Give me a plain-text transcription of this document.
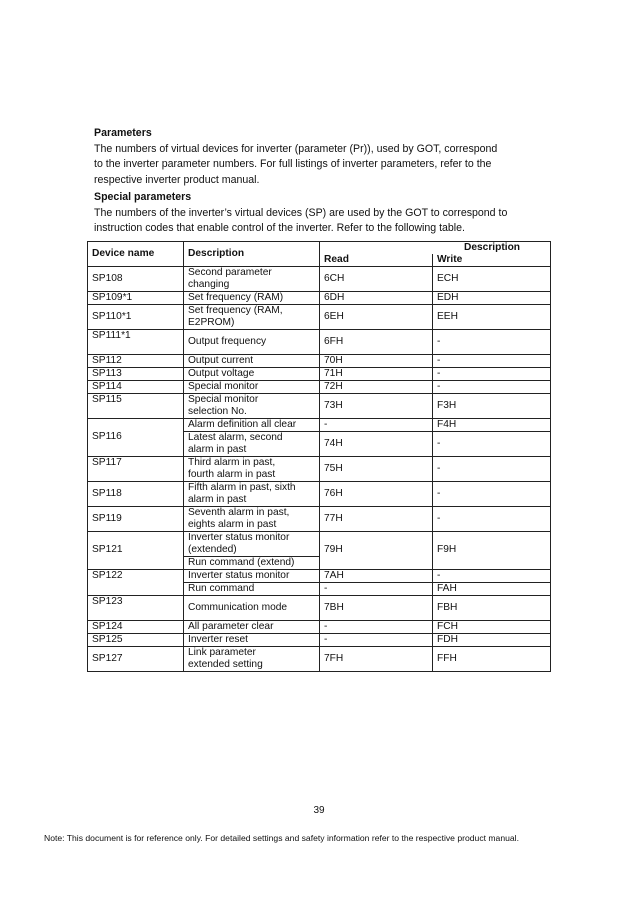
Parameters
The numbers of virtual devices for inverter (parameter (Pr)), used by GOT, correspond
to the inverter parameter numbers. For full listings of inverter parameters, refer to the
respective inverter product manual.
Special parameters
The numbers of the inverter’s virtual devices (SP) are used by the GOT to correspond to
instruction codes that enable control of the inverter. Refer to the following table.
Device name	Description	Description	
		Read	Write
SP108	Second parameter
changing	6CH	ECH
SP109*1	Set frequency (RAM)	6DH	EDH
SP110*1	Set frequency (RAM,
E2PROM)	6EH	EEH
SP111*1	Output frequency	6FH	-
SP112	Output current	70H	-
SP113	Output voltage	71H	-
SP114	Special monitor	72H	-
SP115	Special monitor
selection No.	73H	F3H
SP116	Alarm definition all clear	-	F4H

	Latest alarm, second
alarm in past	74H	-
SP117	Third alarm in past,
fourth alarm in past	75H	-
SP118	Fifth alarm in past, sixth
alarm in past	76H	-
SP119	Seventh alarm in past,
eights alarm in past	77H	-
SP121	Inverter status monitor
(extended)	79H	F9H
	Run command (extend)		
SP122	Inverter status monitor	7AH	-
	Run command	-	FAH
SP123	Communication mode	7BH	FBH
SP124	All parameter clear	-	FCH
SP125	Inverter reset	-	FDH
SP127	Link parameter
extended setting	7FH	FFH
39
Note: This document is for reference only. For detailed settings and safety information refer to the respective product manual.
